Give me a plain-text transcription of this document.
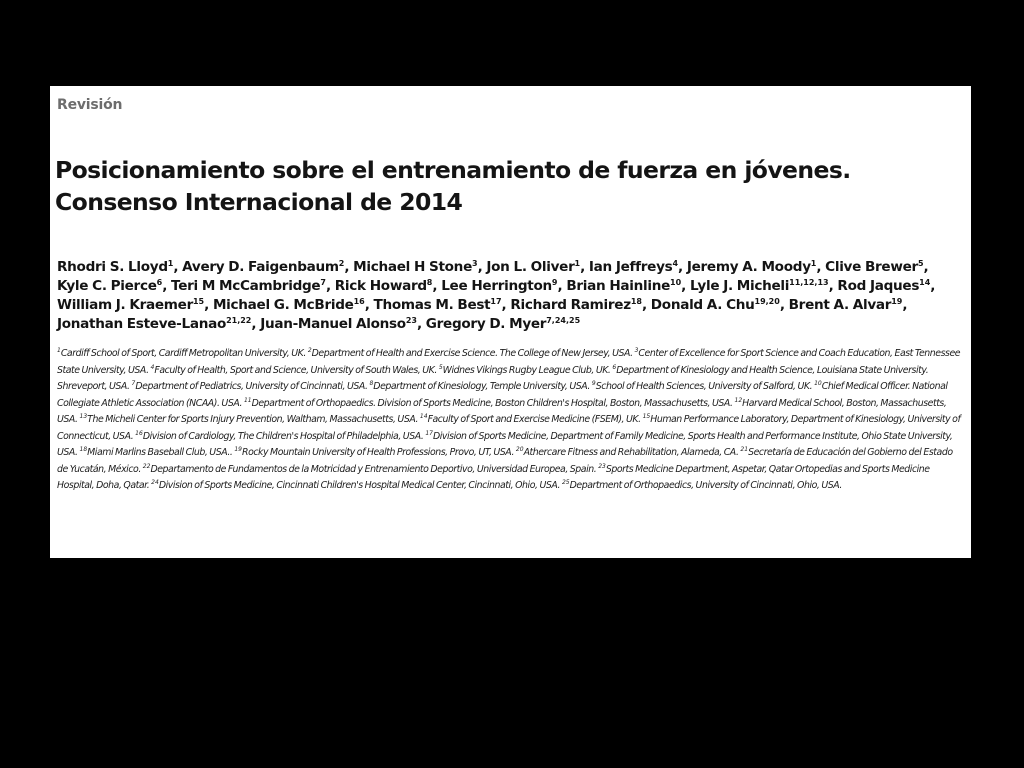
Revisión
Posicionamiento sobre el entrenamiento de fuerza en jóvenes.
Consenso Internacional de 2014
Rhodri S. Lloyd$^1$, Avery D. Faigenbaum$^2$, Michael H Stone$^3$, Jon L. Oliver$^1$, Ian Jeffreys$^4$, Jeremy A. Moody$^1$, Clive Brewer$^5$, Kyle C. Pierce$^6$, Teri M McCambridge$^7$, Rick Howard$^8$, Lee Herrington$^9$, Brian Hainline$^{10}$, Lyle J. Micheli$^{11,12,13}$, Rod Jaques$^{14}$, William J. Kraemer$^{15}$, Michael G. McBride$^{16}$, Thomas M. Best$^{17}$, Richard Ramirez$^{18}$, Donald A. Chu$^{19,20}$, Brent A. Alvar$^{19}$, Jonathan Esteve-Lanao$^{21,22}$, Juan-Manuel Alonso$^{23}$, Gregory D. Myer$^{7,24,25}$
$^1$Cardiff School of Sport, Cardiff Metropolitan University, UK. $^2$Department of Health and Exercise Science. The College of New Jersey, USA. $^3$Center of Excellence for Sport Science and Coach Education, East Tennessee State University, USA. $^4$Faculty of Health, Sport and Science, University of South Wales, UK. $^5$Widnes Vikings Rugby League Club, UK. $^6$Department of Kinesiology and Health Science, Louisiana State University. Shreveport, USA. $^7$Department of Pediatrics, University of Cincinnati, USA. $^8$Department of Kinesiology, Temple University, USA. $^9$School of Health Sciences, University of Salford, UK. $^{10}$Chief Medical Officer. National Collegiate Athletic Association (NCAA). USA. $^{11}$Department of Orthopaedics. Division of Sports Medicine, Boston Children's Hospital, Boston, Massachusetts, USA. $^{12}$Harvard Medical School, Boston, Massachusetts, USA. $^{13}$The Micheli Center for Sports Injury Prevention, Waltham, Massachusetts, USA. $^{14}$Faculty of Sport and Exercise Medicine (FSEM), UK. $^{15}$Human Performance Laboratory, Department of Kinesiology, University of Connecticut, USA. $^{16}$Division of Cardiology, The Children's Hospital of Philadelphia, USA. $^{17}$Division of Sports Medicine, Department of Family Medicine, Sports Health and Performance Institute, Ohio State University, USA. $^{18}$Miami Marlins Baseball Club, USA.. $^{19}$Rocky Mountain University of Health Professions, Provo, UT, USA. $^{20}$Athercare Fitness and Rehabilitation, Alameda, CA. $^{21}$Secretaría de Educación del Gobierno del Estado de Yucatán, México. $^{22}$Departamento de Fundamentos de la Motricidad y Entrenamiento Deportivo, Universidad Europea, Spain. $^{23}$Sports Medicine Department, Aspetar, Qatar Ortopedias and Sports Medicine Hospital, Doha, Qatar. $^{24}$Division of Sports Medicine, Cincinnati Children's Hospital Medical Center, Cincinnati, Ohio, USA. $^{25}$Department of Orthopaedics, University of Cincinnati, Ohio, USA.
